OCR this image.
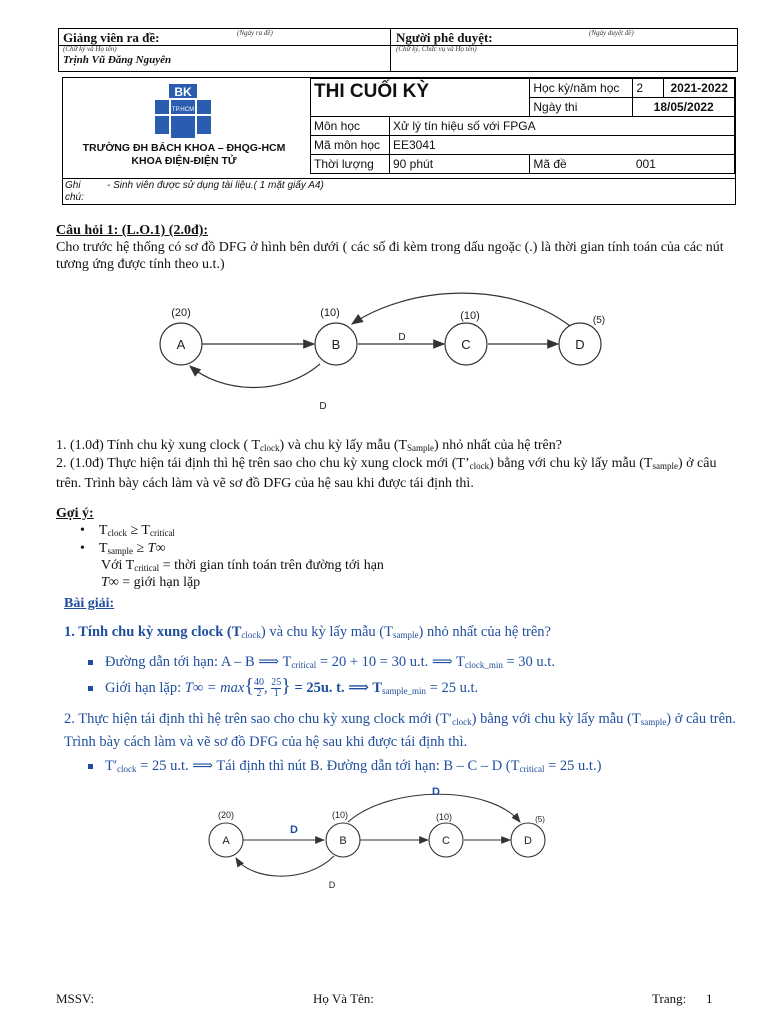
Giảng viên ra đề:	(Ngày ra đề)
(Chữ ký và Họ tên)
Trịnh Vũ Đăng Nguyên
Người phê duyệt:	(Ngày duyệt đề)
(Chữ ký, Chức vụ và Họ tên)
BK
TP.HCM
TRƯỜNG ĐH BÁCH KHOA – ĐHQG-HCM
KHOA ĐIỆN-ĐIỆN TỬ
THI CUỐI KỲ		Học kỳ/năm học	2	2021-2022
		Ngày thi	18/05/2022	
Môn học	Xử lý tín hiệu số với FPGA			
Mã môn học	EE3041			
Thời lượng	90 phút	Mã đề	001	
Ghi chú:
- Sinh viên được sử dụng tài liệu.( 1 mặt giấy A4)
Câu hỏi 1: (L.O.1) (2.0đ):
Cho trước hệ thống có sơ đồ DFG ở hình bên dưới ( các số đi kèm trong dấu ngoặc (.) là thời gian tính toán của các nút tương ứng được tính theo u.t.)
A	B	C	D
(20)	(10)	(10)	(5)
D
D
1. (1.0đ) Tính chu kỳ xung clock ( $T_{clock}$) và chu kỳ lấy mẫu $(T_{Sample})$ nhỏ nhất của hệ trên?
2. (1.0đ) Thực hiện tái định thì hệ trên sao cho chu kỳ xung clock mới $(T’_{clock})$ bằng với chu kỳ lấy mẫu $(T_{sample})$ ở câu trên. Trình bày cách làm và vẽ sơ đồ DFG của hệ sau khi được tái định thì.
Gợi ý:
• $T_{clock} \ge T_{critical}$
• $T_{sample} \ge T\infty$
Với $T_{critical}$ = thời gian tính toán trên đường tới hạn
T∞ = giới hạn lặp
Bài giải:
1. Tính chu kỳ xung clock $(T_{clock})$ và chu kỳ lấy mẫu $(T_{sample})$ nhỏ nhất của hệ trên?
Đường dẫn tới hạn: A – B ⟹ $T_{critical} = 20 + 10 = 30$ u.t. ⟹ $T_{clock\_min} = 30$ u.t.
Giới hạn lặp: $T\infty = \max\{ \frac{40}{2}$ , $\frac{25}{1}$ } = 25u. t. ⟹ $T_{sample\_min} = 25$ u.t.
2. Thực hiện tái định thì hệ trên sao cho chu kỳ xung clock mới $(T'_{clock})$ bằng với chu kỳ lấy mẫu $(T_{sample})$ ở câu trên. Trình bày cách làm và vẽ sơ đồ DFG của hệ sau khi được tái định thì.
$T'_{clock} = 25$ u.t. ⟹ Tái định thì nút B. Đường dẫn tới hạn: B – C – D ($T_{critical} = 25$ u.t.)
A	B	C	D
(20)	(10)	(10)	(5)
D
D
D
MSSV:	Họ Và Tên:	Trang: 1
